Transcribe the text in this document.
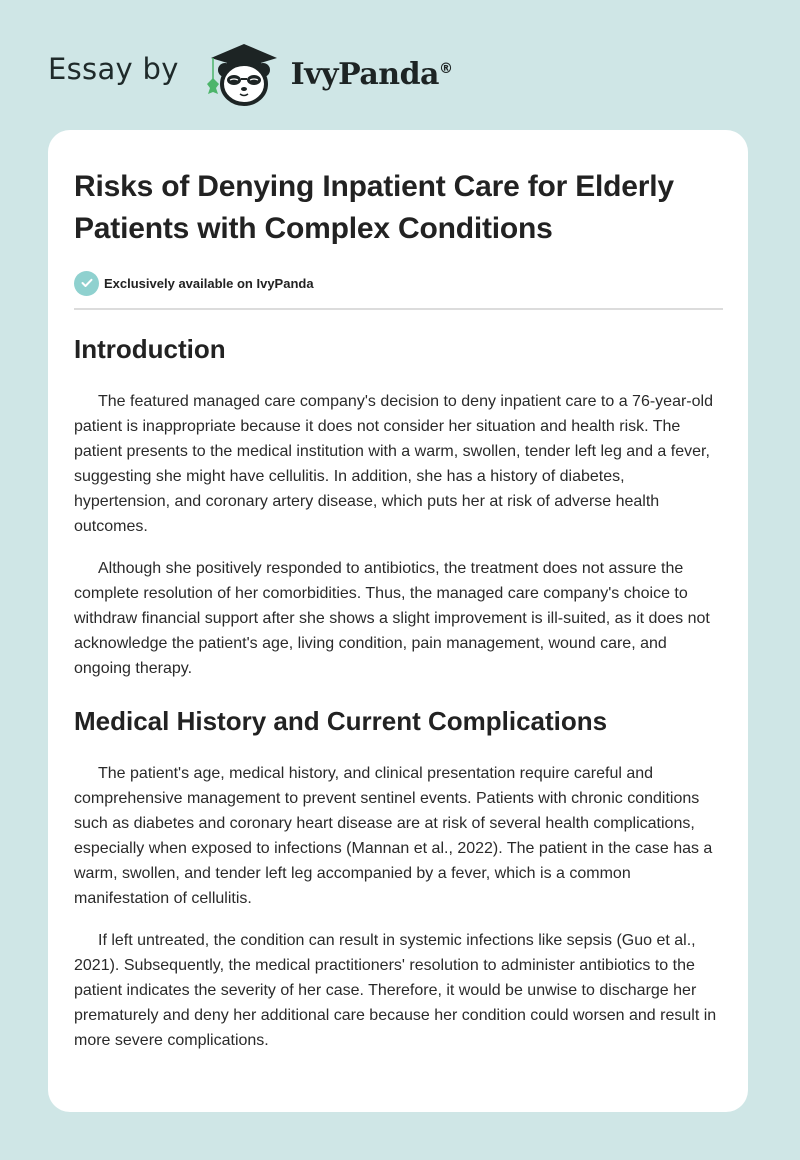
Essay by	IvyPanda®
Risks of Denying Inpatient Care for Elderly Patients with Complex Conditions
Exclusively available on IvyPanda
Introduction

The featured managed care company's decision to deny inpatient care to a 76-year-old patient is inappropriate because it does not consider her situation and health risk. The patient presents to the medical institution with a warm, swollen, tender left leg and a fever, suggesting she might have cellulitis. In addition, she has a history of diabetes, hypertension, and coronary artery disease, which puts her at risk of adverse health outcomes.

Although she positively responded to antibiotics, the treatment does not assure the complete resolution of her comorbidities. Thus, the managed care company's choice to withdraw financial support after she shows a slight improvement is ill-suited, as it does not acknowledge the patient's age, living condition, pain management, wound care, and ongoing therapy.

Medical History and Current Complications

The patient's age, medical history, and clinical presentation require careful and comprehensive management to prevent sentinel events. Patients with chronic conditions such as diabetes and coronary heart disease are at risk of several health complications, especially when exposed to infections (Mannan et al., 2022). The patient in the case has a warm, swollen, and tender left leg accompanied by a fever, which is a common manifestation of cellulitis.

If left untreated, the condition can result in systemic infections like sepsis (Guo et al., 2021). Subsequently, the medical practitioners' resolution to administer antibiotics to the patient indicates the severity of her case. Therefore, it would be unwise to discharge her prematurely and deny her additional care because her condition could worsen and result in more severe complications.
